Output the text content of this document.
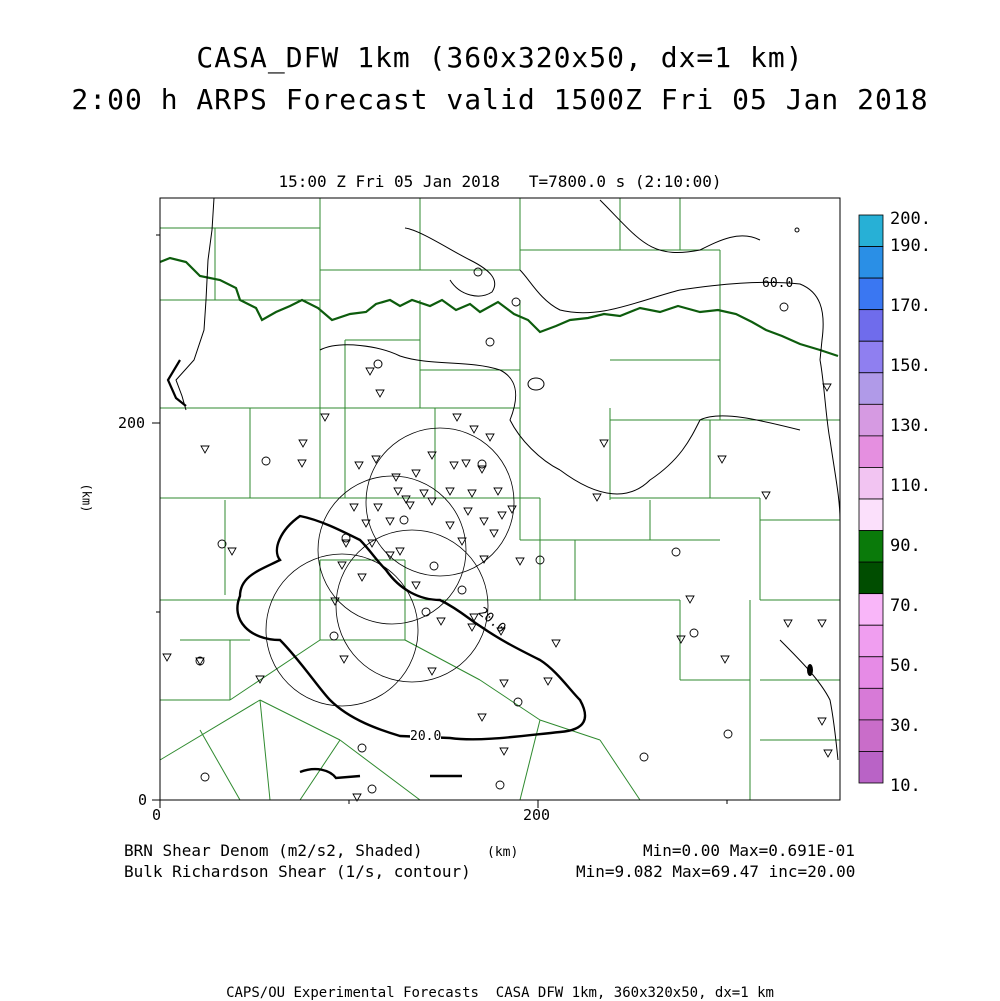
CASA_DFW 1km (360x320x50, dx=1 km)
2:00 h ARPS Forecast valid 1500Z Fri 05 Jan 2018
15:00 Z Fri 05 Jan 2018   T=7800.0 s (2:10:00)
60.0
20.0
20.0
0	200
0
200
(km)
200.
190.
170.
150.
130.
110.
90.
70.
50.
30.
10.
BRN Shear Denom (m2/s2, Shaded)
Bulk Richardson Shear (1/s, contour)
(km)	Min=0.00 Max=0.691E-01
Min=9.082 Max=69.47 inc=20.00
CAPS/OU Experimental Forecasts  CASA DFW 1km, 360x320x50, dx=1 km
